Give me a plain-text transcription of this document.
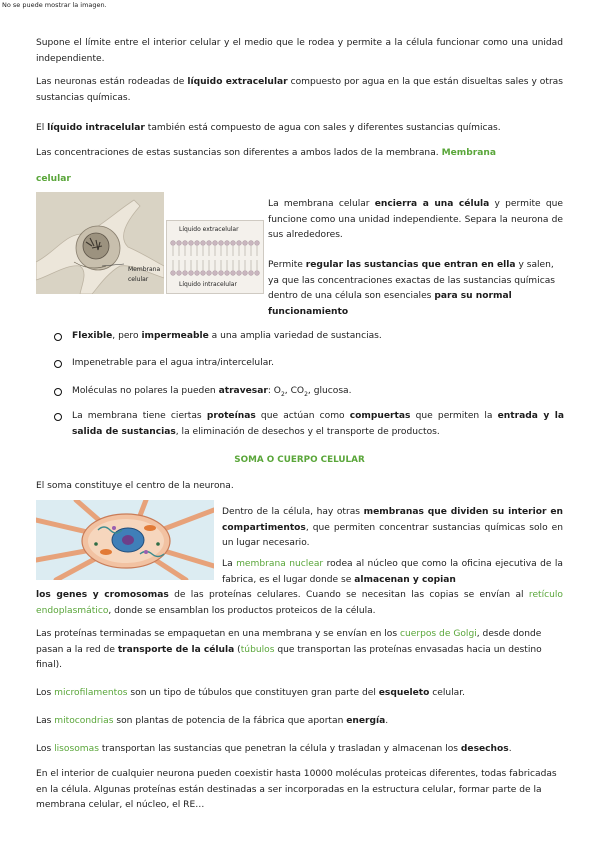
No se puede mostrar la imagen.

Supone el límite entre el interior celular y el medio que le rodea y permite a la célula funcionar como una unidad independiente.

Las neuronas están rodeadas de líquido extracelular compuesto por agua en la que están disueltas sales y otras sustancias químicas.

El líquido intracelular también está compuesto de agua con sales y diferentes sustancias químicas.

Las concentraciones de estas sustancias son diferentes a ambos lados de la membrana. Membrana

celular

Membrana
celular
Líquido extracelular
Líquido intracelular

La membrana celular encierra a una célula y permite que funcione como una unidad independiente. Separa la neurona de sus alrededores.

Permite regular las sustancias que entran en ella y salen, ya que las concentraciones exactas de las sustancias químicas dentro de una célula son esenciales para su normal funcionamiento

Flexible, pero impermeable a una amplia variedad de sustancias.
Impenetrable para el agua intra/intercelular.
Moléculas no polares la pueden atravesar: $O_2$, $CO_2$, glucosa.
La membrana tiene ciertas proteínas que actúan como compuertas que permiten la entrada y la salida de sustancias, la eliminación de desechos y el transporte de productos.
SOMA O CUERPO CELULAR

El soma constituye el centro de la neurona.

Dentro de la célula, hay otras membranas que dividen su interior en compartimentos, que permiten concentrar sustancias químicas solo en un lugar necesario.

La membrana nuclear rodea al núcleo que como la oficina ejecutiva de la fabrica, es el lugar donde se almacenan y copian

los genes y cromosomas de las proteínas celulares. Cuando se necesitan las copias se envían al retículo endoplasmático, donde se ensamblan los productos proteicos de la célula.

Las proteínas terminadas se empaquetan en una membrana y se envían en los cuerpos de Golgi, desde donde pasan a la red de transporte de la célula (túbulos que transportan las proteínas envasadas hacia un destino final).

Los microfilamentos son un tipo de túbulos que constituyen gran parte del esqueleto celular.

Las mitocondrias son plantas de potencia de la fábrica que aportan energía.

Los lisosomas transportan las sustancias que penetran la célula y trasladan y almacenan los desechos.

En el interior de cualquier neurona pueden coexistir hasta 10000 moléculas proteicas diferentes, todas fabricadas en la célula. Algunas proteínas están destinadas a ser incorporadas en la estructura celular, formar parte de la membrana celular, el núcleo, el RE…
